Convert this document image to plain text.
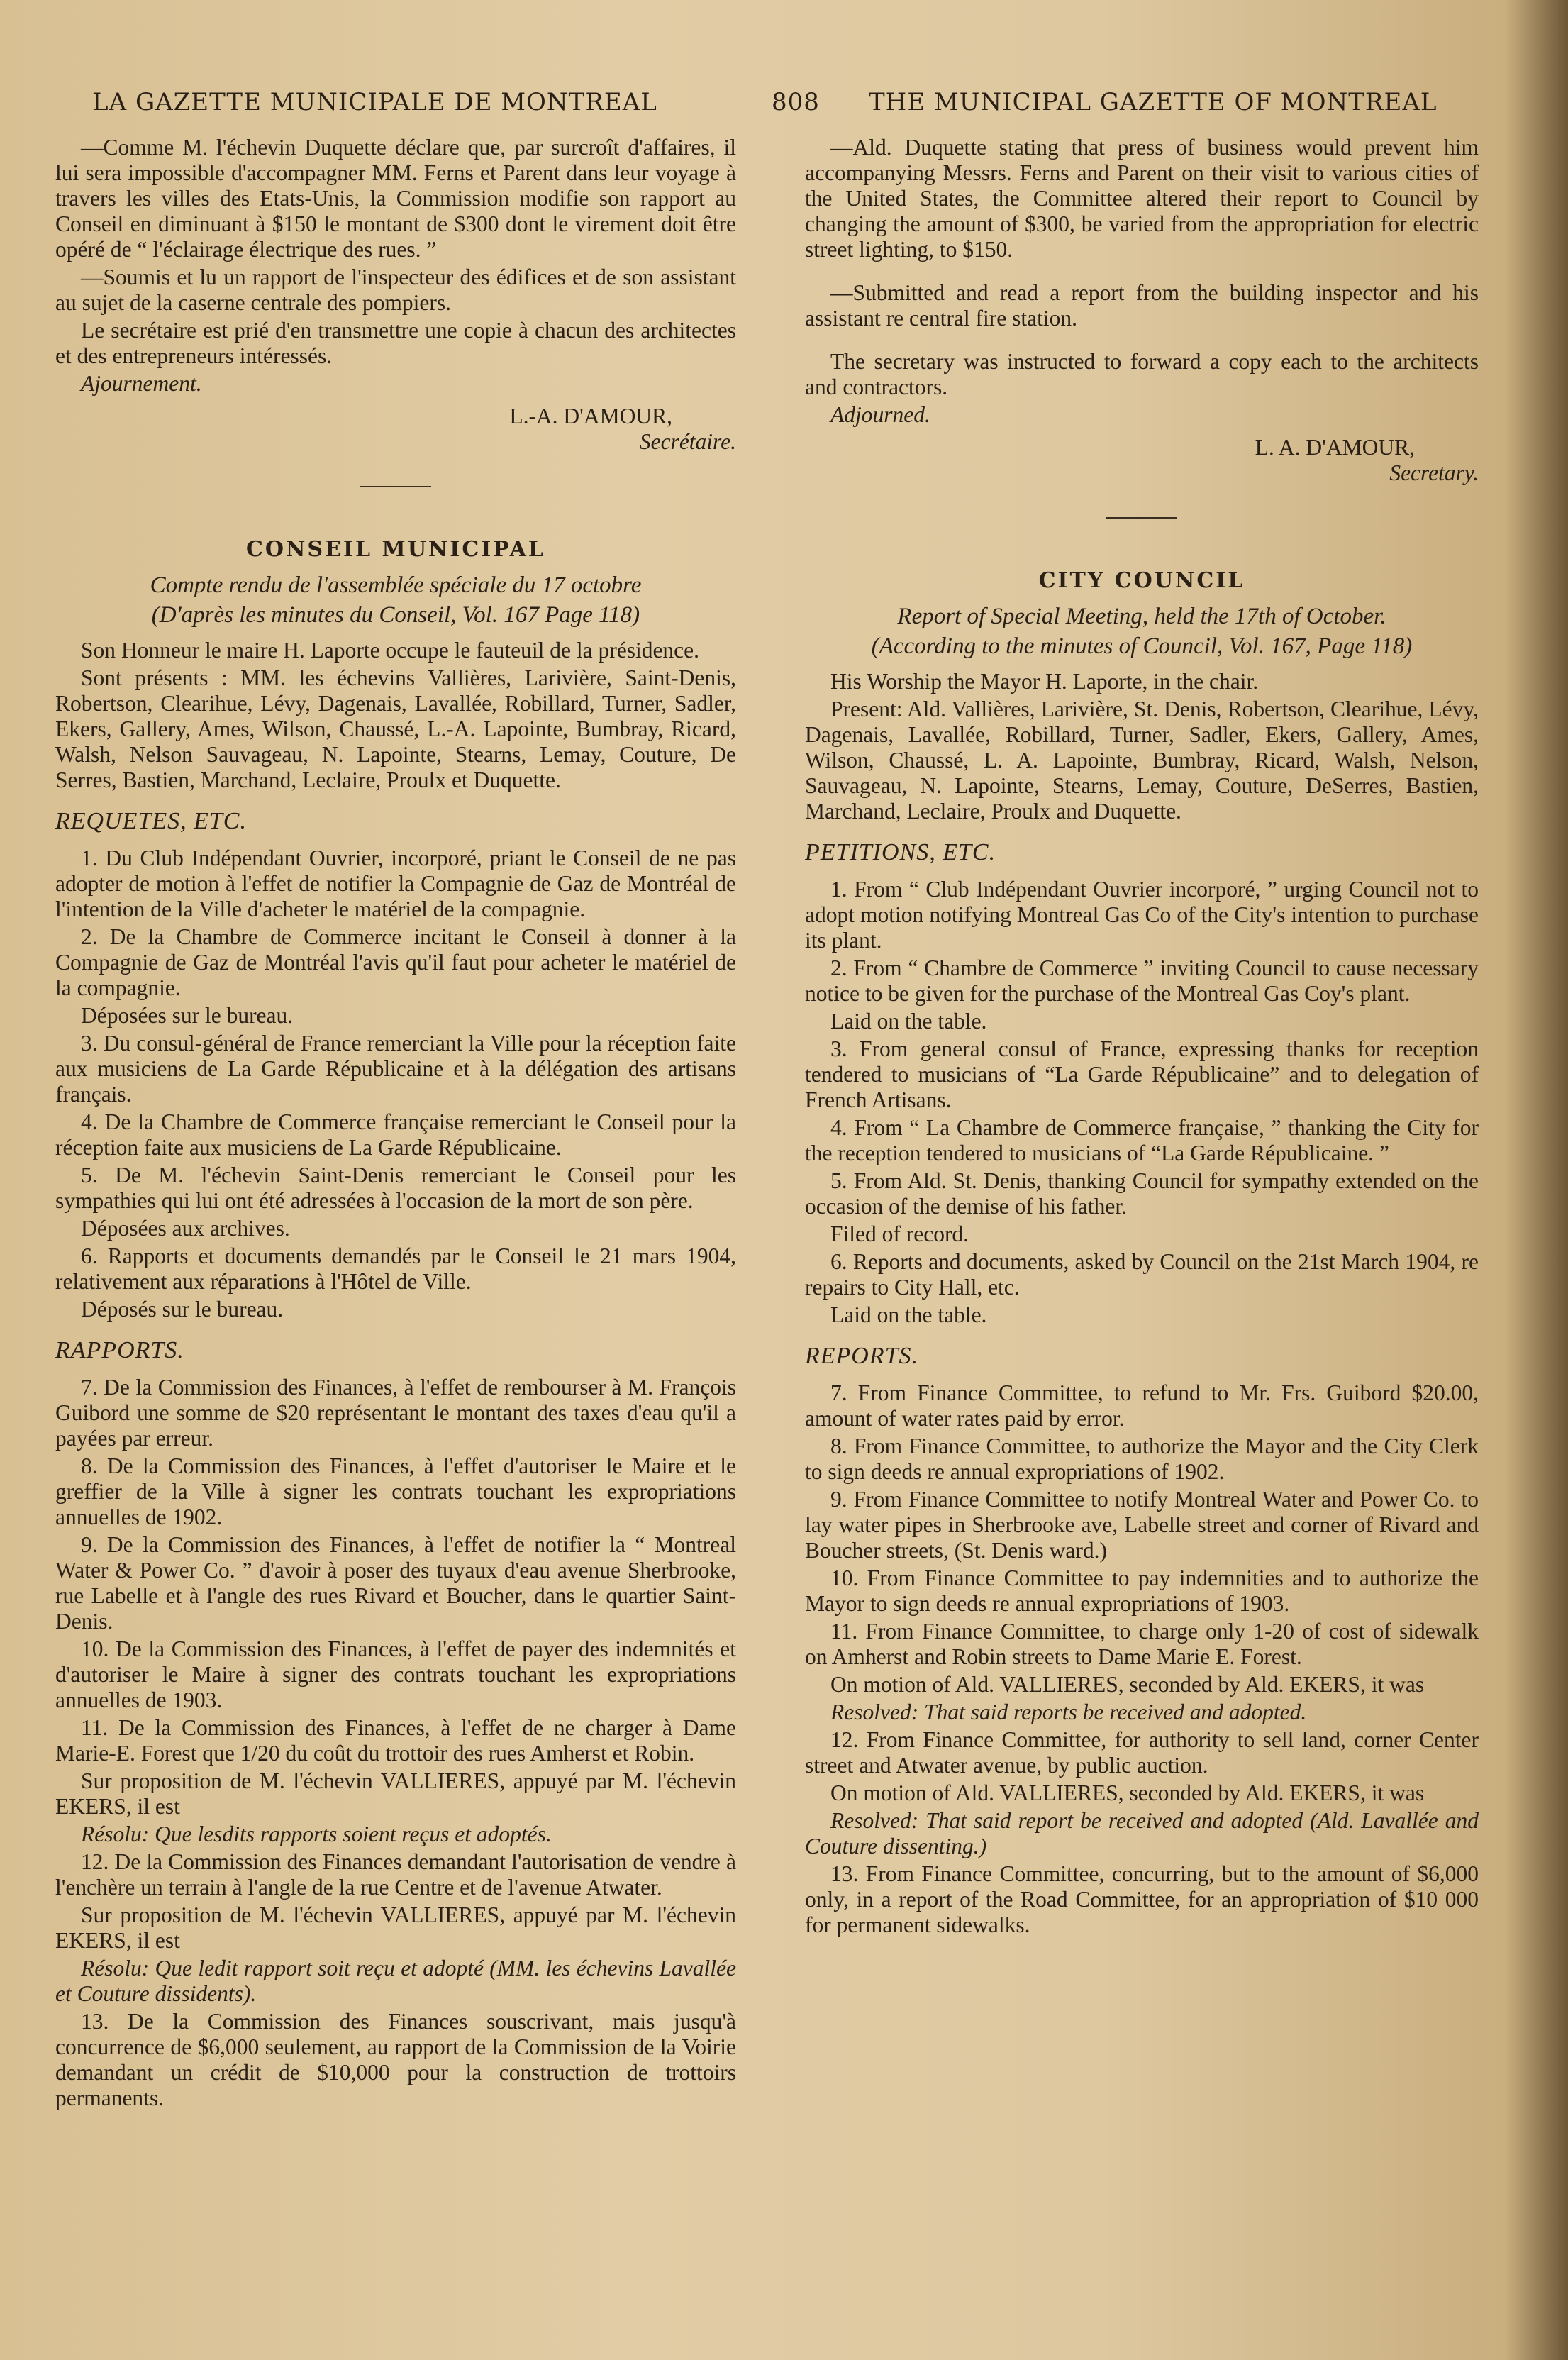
LA GAZETTE MUNICIPALE DE MONTREAL	808 THE MUNICIPAL GAZETTE OF MONTREAL

—Comme M. l'échevin Duquette déclare que, par surcroît d'affaires, il lui sera impossible d'accompagner MM. Ferns et Parent dans leur voyage à travers les villes des Etats-Unis, la Commission modifie son rapport au Conseil en diminuant à $150 le montant de $300 dont le virement doit être opéré de “ l'éclairage électrique des rues. ”

—Soumis et lu un rapport de l'inspecteur des édifices et de son assistant au sujet de la caserne centrale des pompiers.

Le secrétaire est prié d'en transmettre une copie à chacun des architectes et des entrepreneurs intéressés.

Ajournement.

L.-A. D'AMOUR,
Secrétaire.
CONSEIL MUNICIPAL
Compte rendu de l'assemblée spéciale du 17 octobre
(D'après les minutes du Conseil, Vol. 167 Page 118)

Son Honneur le maire H. Laporte occupe le fauteuil de la présidence.

Sont présents : MM. les échevins Vallières, Larivière, Saint-Denis, Robertson, Clearihue, Lévy, Dagenais, Lavallée, Robillard, Turner, Sadler, Ekers, Gallery, Ames, Wilson, Chaussé, L.-A. Lapointe, Bumbray, Ricard, Walsh, Nelson Sauvageau, N. Lapointe, Stearns, Lemay, Couture, De Serres, Bastien, Marchand, Leclaire, Proulx et Duquette.

REQUETES, ETC.

1. Du Club Indépendant Ouvrier, incorporé, priant le Conseil de ne pas adopter de motion à l'effet de notifier la Compagnie de Gaz de Montréal de l'intention de la Ville d'acheter le matériel de la compagnie.

2. De la Chambre de Commerce incitant le Conseil à donner à la Compagnie de Gaz de Montréal l'avis qu'il faut pour acheter le matériel de la compagnie.

Déposées sur le bureau.

3. Du consul-général de France remerciant la Ville pour la réception faite aux musiciens de La Garde Républicaine et à la délégation des artisans français.

4. De la Chambre de Commerce française remerciant le Conseil pour la réception faite aux musiciens de La Garde Républicaine.

5. De M. l'échevin Saint-Denis remerciant le Conseil pour les sympathies qui lui ont été adressées à l'occasion de la mort de son père.

Déposées aux archives.

6. Rapports et documents demandés par le Conseil le 21 mars 1904, relativement aux réparations à l'Hôtel de Ville.

Déposés sur le bureau.

RAPPORTS.

7. De la Commission des Finances, à l'effet de rembourser à M. François Guibord une somme de $20 représentant le montant des taxes d'eau qu'il a payées par erreur.

8. De la Commission des Finances, à l'effet d'autoriser le Maire et le greffier de la Ville à signer les contrats touchant les expropriations annuelles de 1902.

9. De la Commission des Finances, à l'effet de notifier la “ Montreal Water & Power Co. ” d'avoir à poser des tuyaux d'eau avenue Sherbrooke, rue Labelle et à l'angle des rues Rivard et Boucher, dans le quartier Saint-Denis.

10. De la Commission des Finances, à l'effet de payer des indemnités et d'autoriser le Maire à signer des contrats touchant les expropriations annuelles de 1903.

11. De la Commission des Finances, à l'effet de ne charger à Dame Marie-E. Forest que 1/20 du coût du trottoir des rues Amherst et Robin.

Sur proposition de M. l'échevin VALLIERES, appuyé par M. l'échevin EKERS, il est

Résolu: Que lesdits rapports soient reçus et adoptés.

12. De la Commission des Finances demandant l'autorisation de vendre à l'enchère un terrain à l'angle de la rue Centre et de l'avenue Atwater.

Sur proposition de M. l'échevin VALLIERES, appuyé par M. l'échevin EKERS, il est

Résolu: Que ledit rapport soit reçu et adopté (MM. les échevins Lavallée et Couture dissidents).

13. De la Commission des Finances souscrivant, mais jusqu'à concurrence de $6,000 seulement, au rapport de la Commission de la Voirie demandant un crédit de $10,000 pour la construction de trottoirs permanents.

—Ald. Duquette stating that press of business would prevent him accompanying Messrs. Ferns and Parent on their visit to various cities of the United States, the Committee altered their report to Council by changing the amount of $300, be varied from the appropriation for electric street lighting, to $150.

—Submitted and read a report from the building inspector and his assistant re central fire station.

The secretary was instructed to forward a copy each to the architects and contractors.

Adjourned.

L. A. D'AMOUR,
Secretary.
CITY COUNCIL
Report of Special Meeting, held the 17th of October.
(According to the minutes of Council, Vol. 167, Page 118)

His Worship the Mayor H. Laporte, in the chair.

Present: Ald. Vallières, Larivière, St. Denis, Robertson, Clearihue, Lévy, Dagenais, Lavallée, Robillard, Turner, Sadler, Ekers, Gallery, Ames, Wilson, Chaussé, L. A. Lapointe, Bumbray, Ricard, Walsh, Nelson, Sauvageau, N. Lapointe, Stearns, Lemay, Couture, DeSerres, Bastien, Marchand, Leclaire, Proulx and Duquette.

PETITIONS, ETC.

1. From “ Club Indépendant Ouvrier incorporé, ” urging Council not to adopt motion notifying Montreal Gas Co of the City's intention to purchase its plant.

2. From “ Chambre de Commerce ” inviting Council to cause necessary notice to be given for the purchase of the Montreal Gas Coy's plant.

Laid on the table.

3. From general consul of France, expressing thanks for reception tendered to musicians of “La Garde Républicaine” and to delegation of French Artisans.

4. From “ La Chambre de Commerce française, ” thanking the City for the reception tendered to musicians of “La Garde Républicaine. ”

5. From Ald. St. Denis, thanking Council for sympathy extended on the occasion of the demise of his father.

Filed of record.

6. Reports and documents, asked by Council on the 21st March 1904, re repairs to City Hall, etc.

Laid on the table.

REPORTS.

7. From Finance Committee, to refund to Mr. Frs. Guibord $20.00, amount of water rates paid by error.

8. From Finance Committee, to authorize the Mayor and the City Clerk to sign deeds re annual expropriations of 1902.

9. From Finance Committee to notify Montreal Water and Power Co. to lay water pipes in Sherbrooke ave, Labelle street and corner of Rivard and Boucher streets, (St. Denis ward.)

10. From Finance Committee to pay indemnities and to authorize the Mayor to sign deeds re annual expropriations of 1903.

11. From Finance Committee, to charge only 1-20 of cost of sidewalk on Amherst and Robin streets to Dame Marie E. Forest.

On motion of Ald. VALLIERES, seconded by Ald. EKERS, it was

Resolved: That said reports be received and adopted.

12. From Finance Committee, for authority to sell land, corner Center street and Atwater avenue, by public auction.

On motion of Ald. VALLIERES, seconded by Ald. EKERS, it was

Resolved: That said report be received and adopted (Ald. Lavallée and Couture dissenting.)

13. From Finance Committee, concurring, but to the amount of $6,000 only, in a report of the Road Committee, for an appropriation of $10 000 for permanent sidewalks.
